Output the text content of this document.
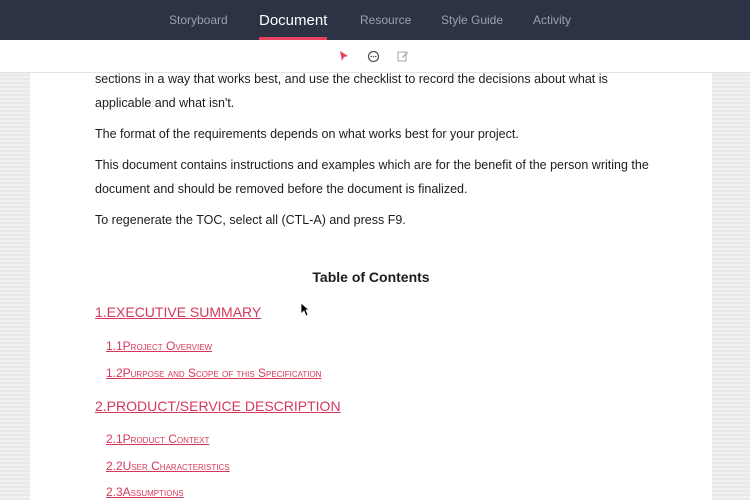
Storyboard Document	Resource Style Guide Activity

sections in a way that works best, and use the checklist to record the decisions about what is applicable and what isn't.

The format of the requirements depends on what works best for your project.

This document contains instructions and examples which are for the benefit of the person writing the document and should be removed before the document is finalized.

To regenerate the TOC, select all (CTL-A) and press F9.

Table of Contents
1.EXECUTIVE SUMMARY
1.1Project Overview
1.2Purpose and Scope of this Specification
2.PRODUCT/SERVICE DESCRIPTION
2.1Product Context
2.2User Characteristics
2.3Assumptions
